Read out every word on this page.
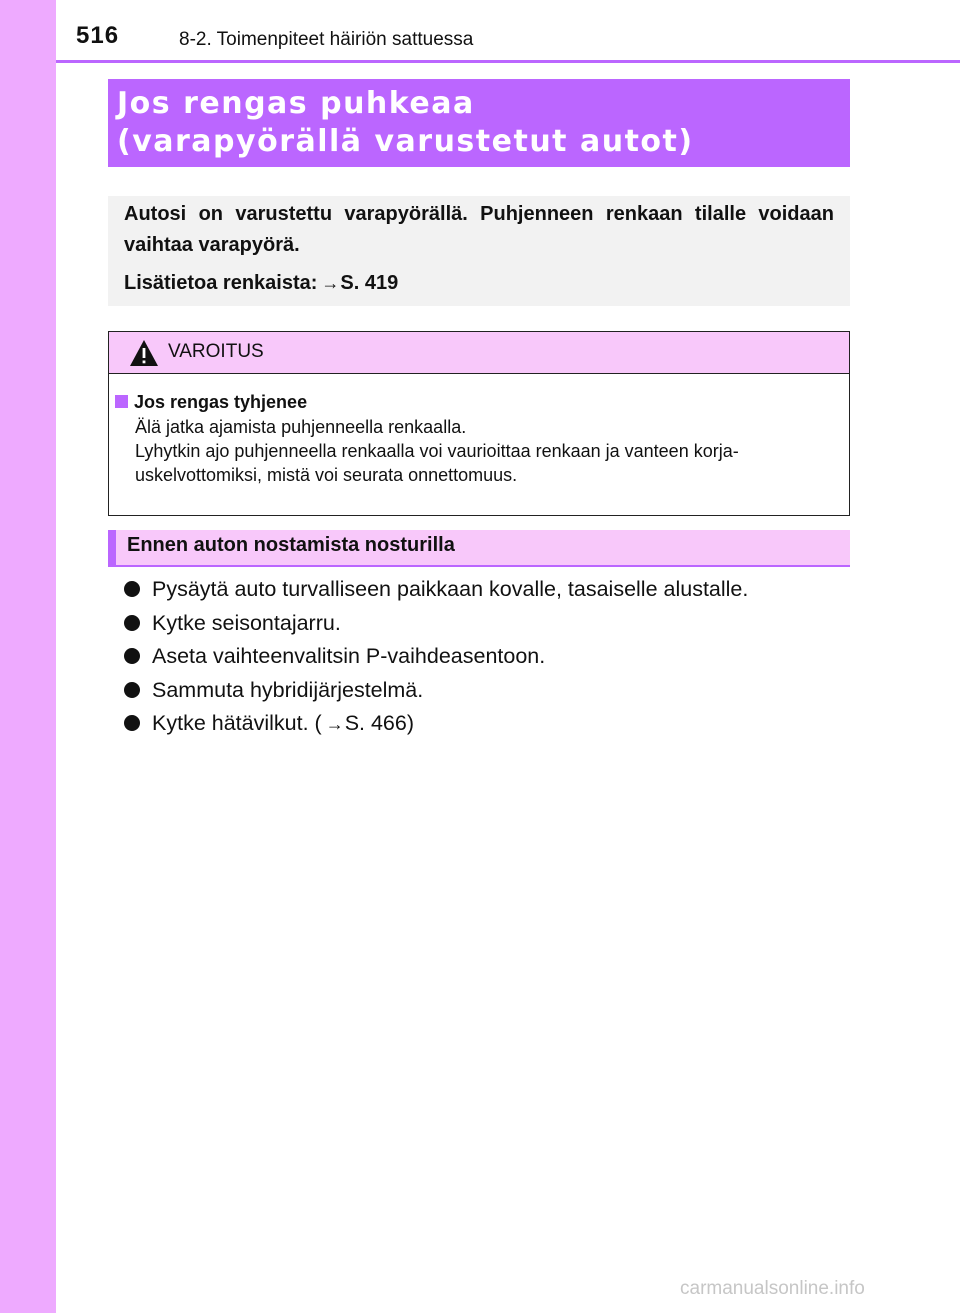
516	8-2. Toimenpiteet häiriön sattuessa
Jos rengas puhkeaa
(varapyörällä varustetut autot)

Autosi on varustettu varapyörällä. Puhjenneen renkaan tilalle voidaan vaihtaa varapyörä.

Lisätietoa renkaista: →S. 419

VAROITUS
Jos rengas tyhjenee
Älä jatka ajamista puhjenneella renkaalla.
Lyhytkin ajo puhjenneella renkaalla voi vaurioittaa renkaan ja vanteen korja-
uskelvottomiksi, mistä voi seurata onnettomuus.
Ennen auton nostamista nosturilla
Pysäytä auto turvalliseen paikkaan kovalle, tasaiselle alustalle.
Kytke seisontajarru.
Aseta vaihteenvalitsin P-vaihdeasentoon.
Sammuta hybridijärjestelmä.
Kytke hätävilkut. ( →S. 466)
carmanualsonline.info
